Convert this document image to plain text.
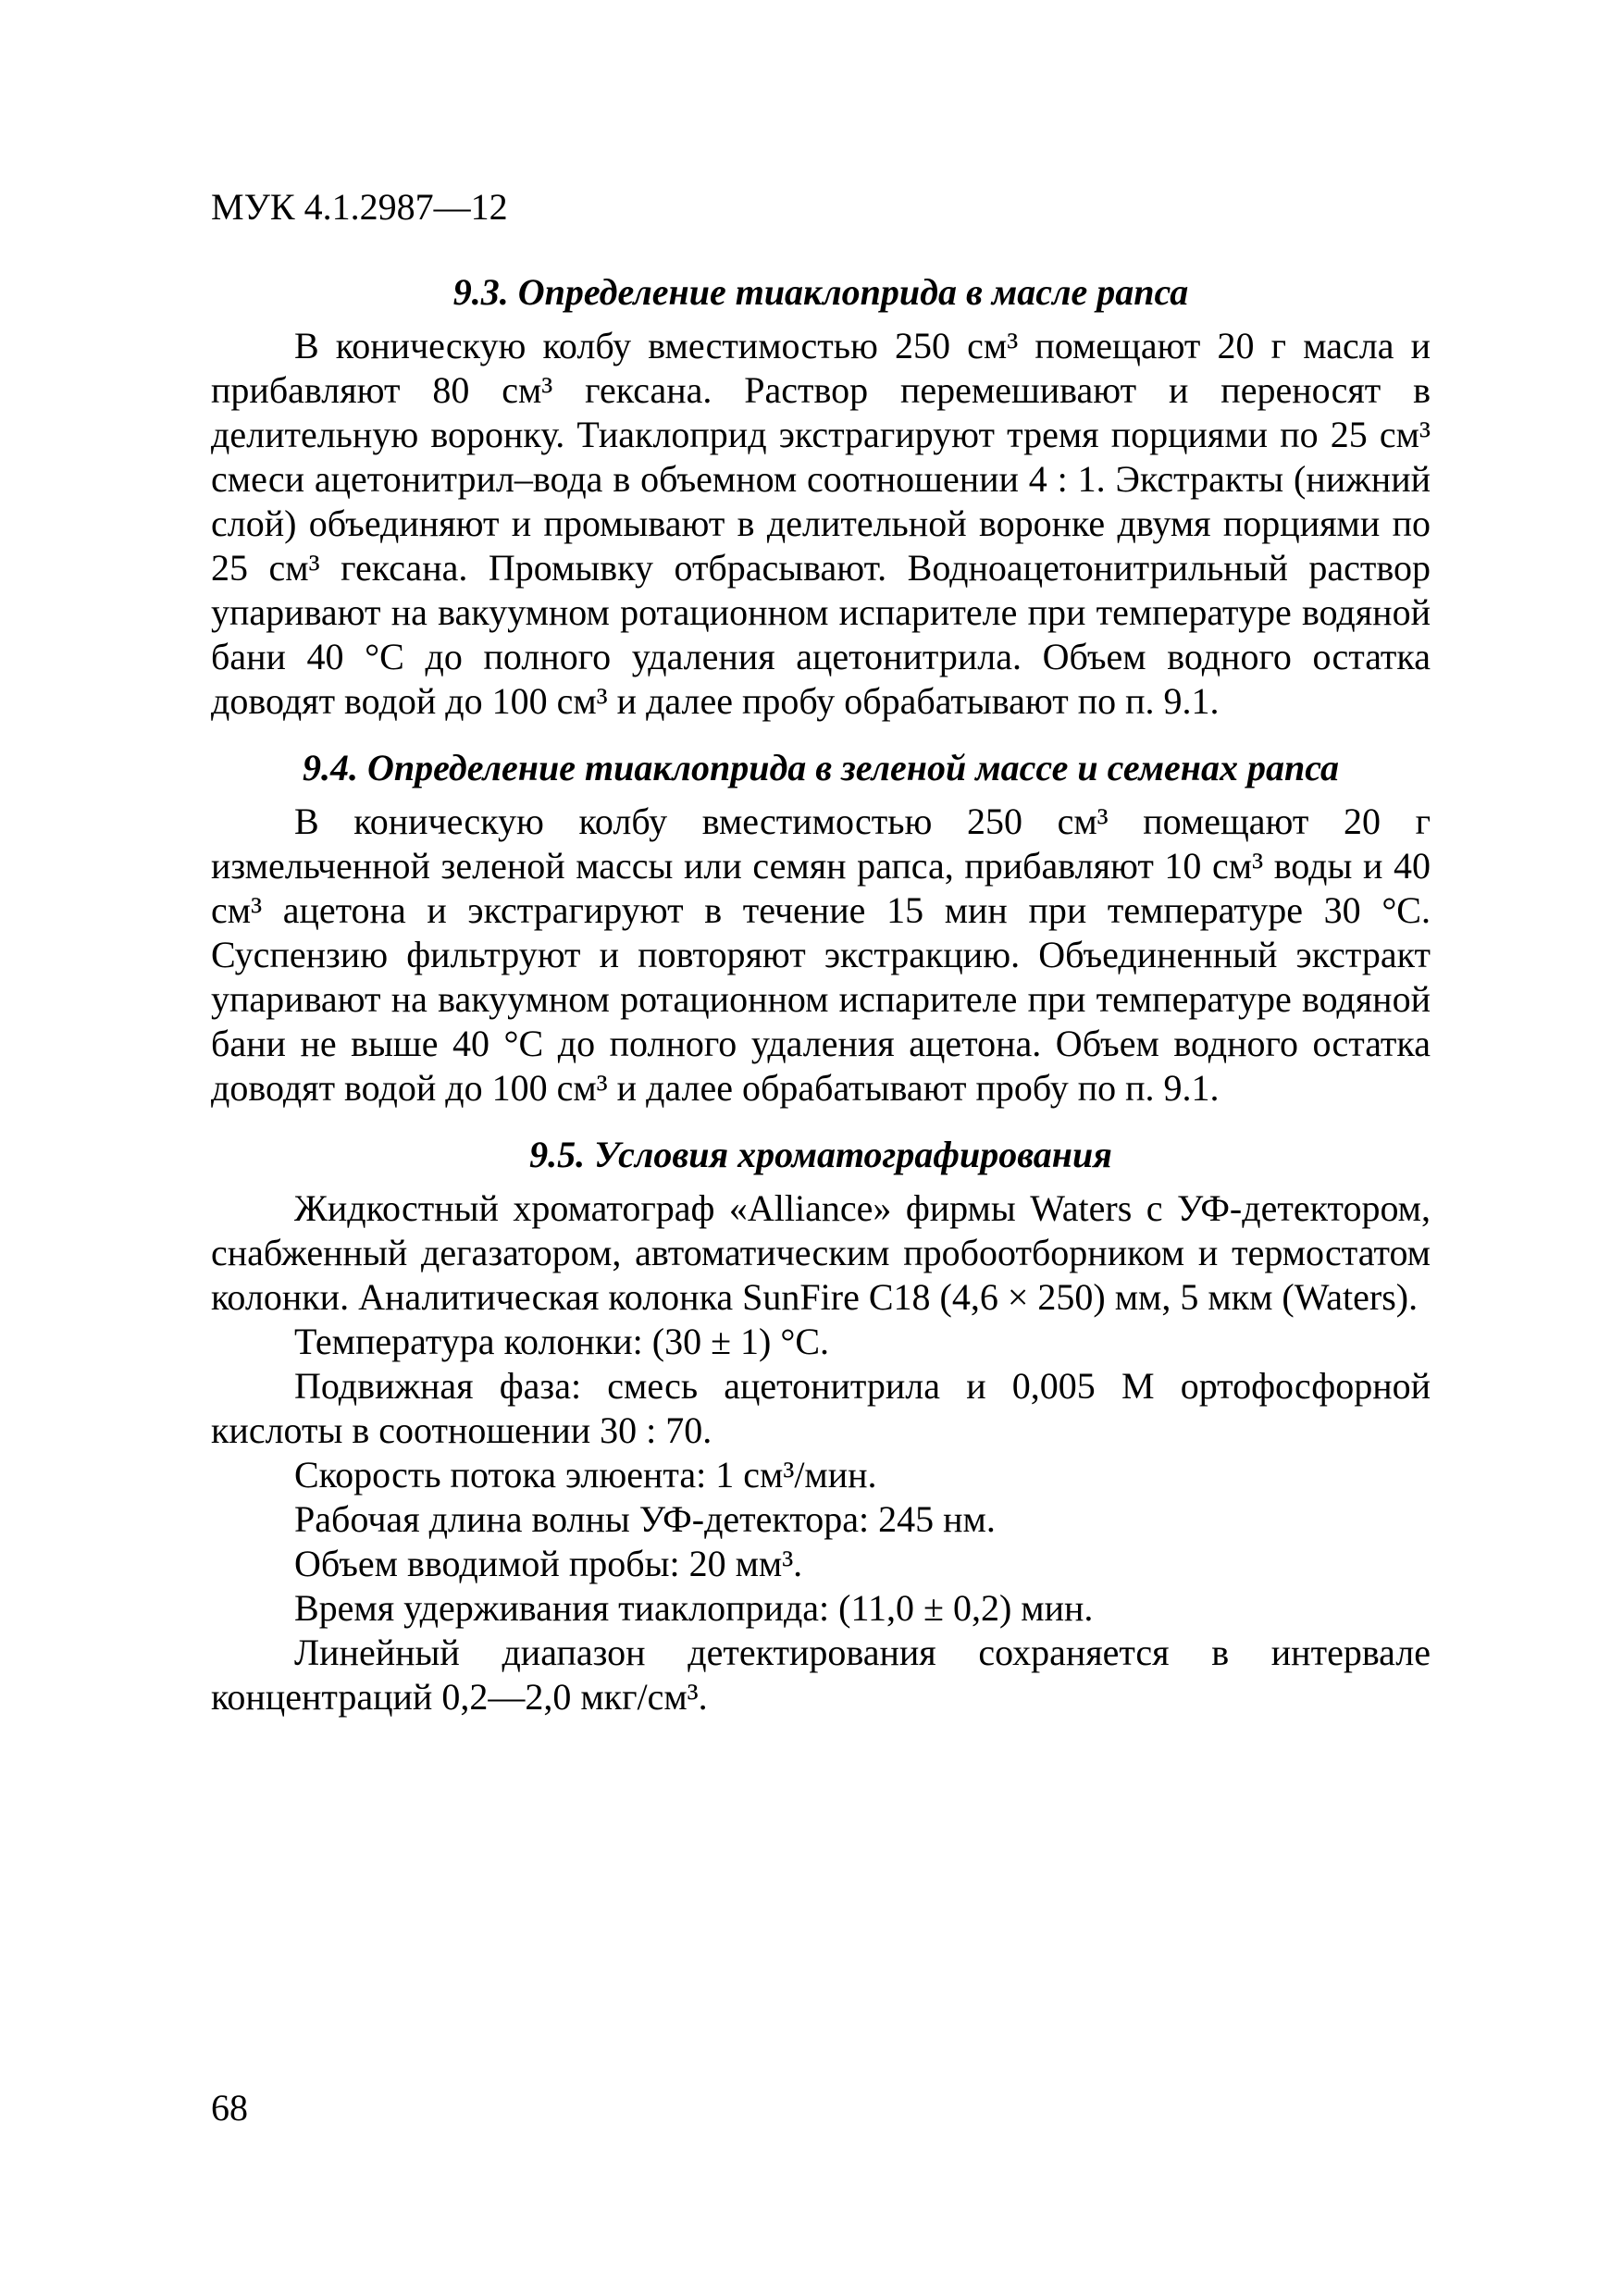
МУК 4.1.2987—12

9.3. Определение тиаклоприда в масле рапса

В коническую колбу вместимостью 250 см³ помещают 20 г масла и прибавляют 80 см³ гексана. Раствор перемешивают и переносят в делительную воронку. Тиаклоприд экстрагируют тремя порциями по 25 см³ смеси ацетонитрил–вода в объемном соотношении 4 : 1. Экстракты (нижний слой) объединяют и промывают в делительной воронке двумя порциями по 25 см³ гексана. Промывку отбрасывают. Водноацетонитрильный раствор упаривают на вакуумном ротационном испарителе при температуре водяной бани 40 °С до полного удаления ацетонитрила. Объем водного остатка доводят водой до 100 см³ и далее пробу обрабатывают по п. 9.1.

9.4. Определение тиаклоприда в зеленой массе и семенах рапса

В коническую колбу вместимостью 250 см³ помещают 20 г измельченной зеленой массы или семян рапса, прибавляют 10 см³ воды и 40 см³ ацетона и экстрагируют в течение 15 мин при температуре 30 °С. Суспензию фильтруют и повторяют экстракцию. Объединенный экстракт упаривают на вакуумном ротационном испарителе при температуре водяной бани не выше 40 °С до полного удаления ацетона. Объем водного остатка доводят водой до 100 см³ и далее обрабатывают пробу по п. 9.1.

9.5. Условия хроматографирования

Жидкостный хроматограф «Alliance» фирмы Waters с УФ-детектором, снабженный дегазатором, автоматическим пробоотборником и термостатом колонки. Аналитическая колонка SunFire C18 (4,6 × 250) мм, 5 мкм (Waters).

Температура колонки: (30 ± 1) °С.

Подвижная фаза: смесь ацетонитрила и 0,005 М ортофосфорной кислоты в соотношении 30 : 70.

Скорость потока элюента: 1 см³/мин.

Рабочая длина волны УФ-детектора: 245 нм.

Объем вводимой пробы: 20 мм³.

Время удерживания тиаклоприда: (11,0 ± 0,2) мин.

Линейный диапазон детектирования сохраняется в интервале концентраций 0,2—2,0 мкг/см³.

68
